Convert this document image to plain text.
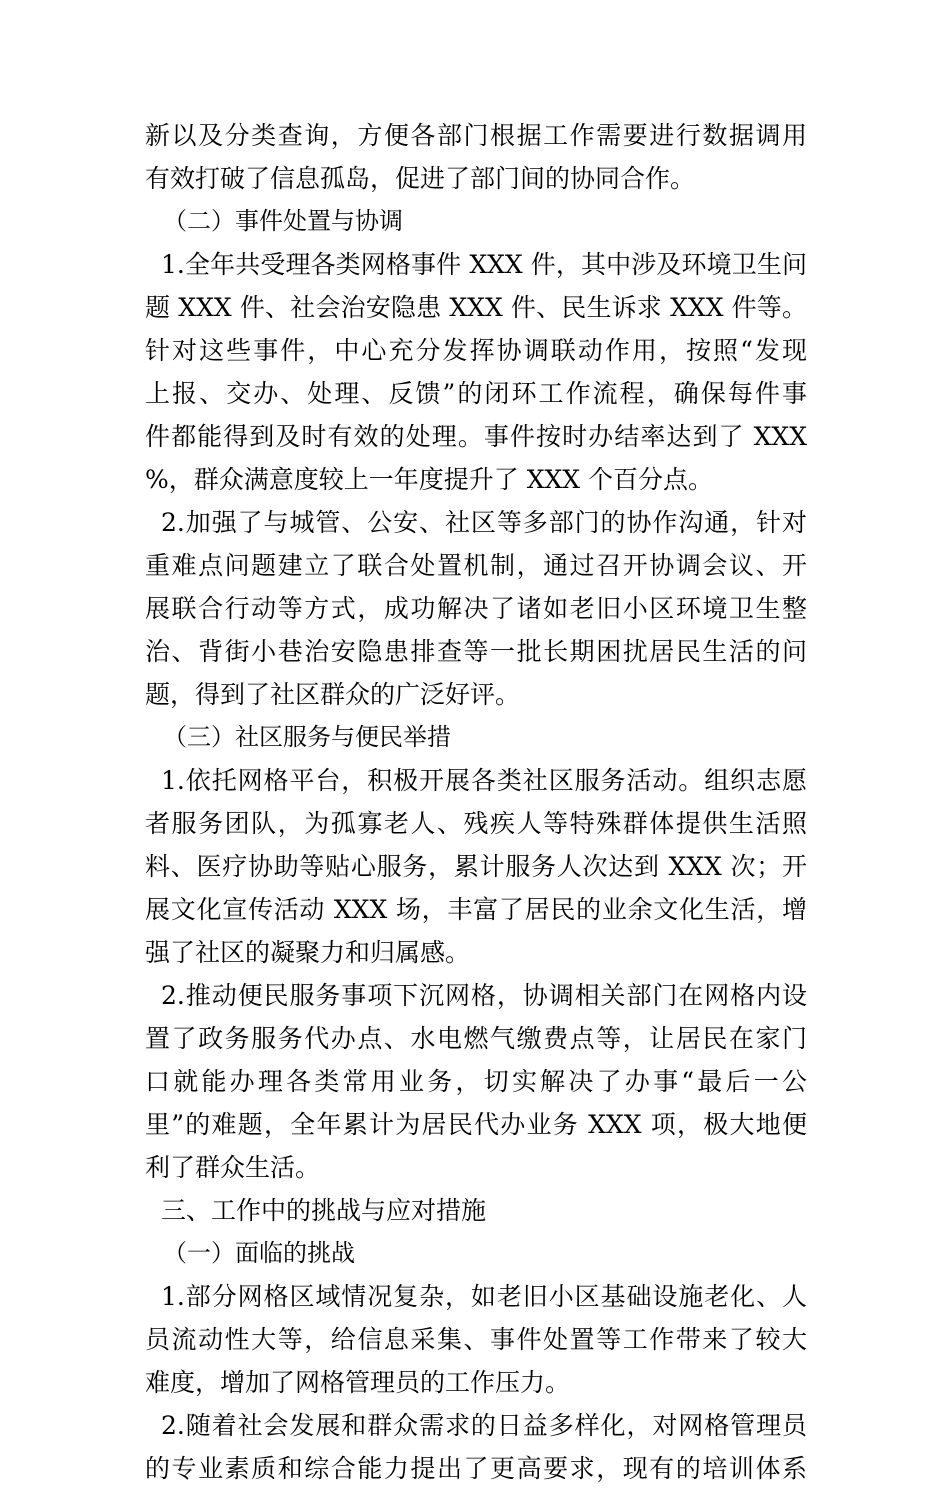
新以及分类查询，方便各部门根据工作需要进行数据调用
有效打破了信息孤岛，促进了部门间的协同合作。
（二）事件处置与协调
1.全年共受理各类网格事件 XXX 件，其中涉及环境卫生问
题 XXX 件、社会治安隐患 XXX 件、民生诉求 XXX 件等。
针对这些事件，中心充分发挥协调联动作用，按照“发现
上报、交办、处理、反馈”的闭环工作流程，确保每件事
件都能得到及时有效的处理。事件按时办结率达到了 XXX
%，群众满意度较上一年度提升了 XXX 个百分点。
2.加强了与城管、公安、社区等多部门的协作沟通，针对
重难点问题建立了联合处置机制，通过召开协调会议、开
展联合行动等方式，成功解决了诸如老旧小区环境卫生整
治、背街小巷治安隐患排查等一批长期困扰居民生活的问
题，得到了社区群众的广泛好评。
（三）社区服务与便民举措
1.依托网格平台，积极开展各类社区服务活动。组织志愿
者服务团队，为孤寡老人、残疾人等特殊群体提供生活照
料、医疗协助等贴心服务，累计服务人次达到 XXX 次；开
展文化宣传活动 XXX 场，丰富了居民的业余文化生活，增
强了社区的凝聚力和归属感。
2.推动便民服务事项下沉网格，协调相关部门在网格内设
置了政务服务代办点、水电燃气缴费点等，让居民在家门
口就能办理各类常用业务，切实解决了办事“最后一公
里”的难题，全年累计为居民代办业务 XXX 项，极大地便
利了群众生活。
三、工作中的挑战与应对措施
（一）面临的挑战
1.部分网格区域情况复杂，如老旧小区基础设施老化、人
员流动性大等，给信息采集、事件处置等工作带来了较大
难度，增加了网格管理员的工作压力。
2.随着社会发展和群众需求的日益多样化，对网格管理员
的专业素质和综合能力提出了更高要求，现有的培训体系
